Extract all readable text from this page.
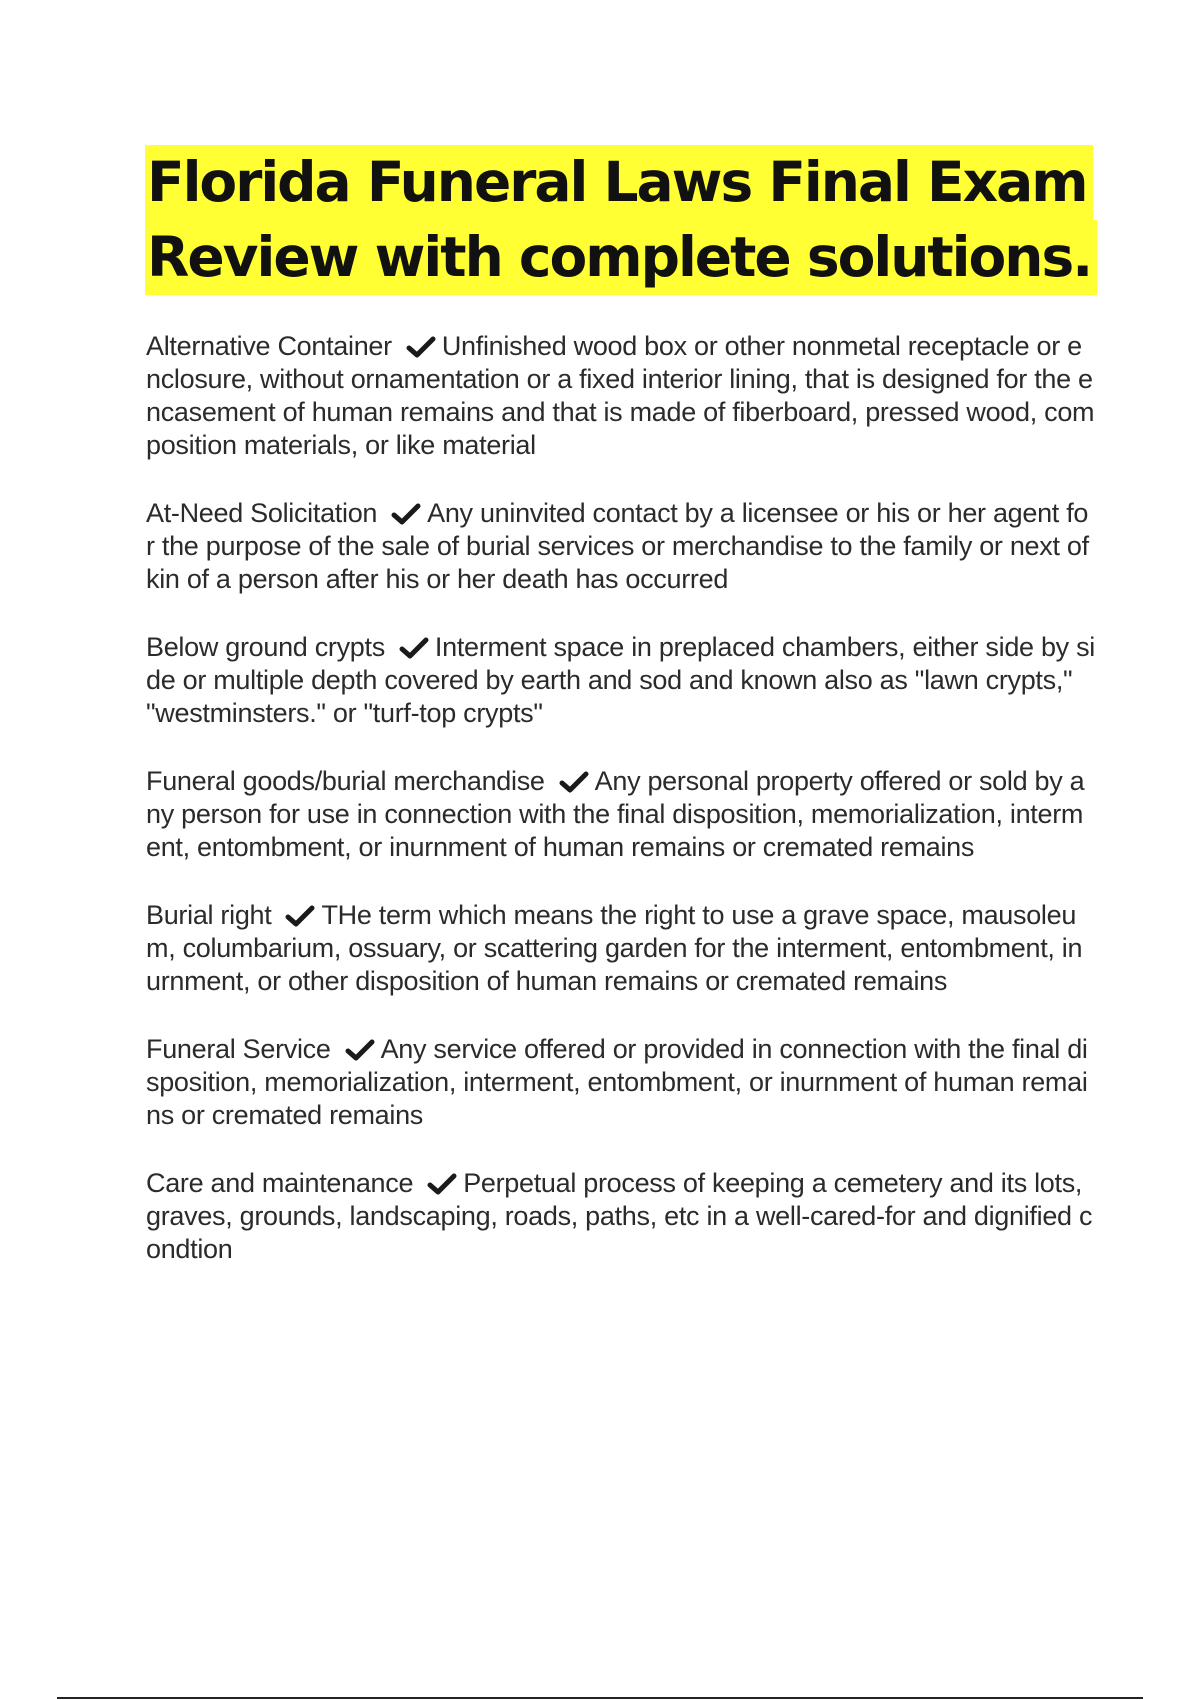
Florida Funeral Laws Final Exam
Review with complete solutions.

Alternative Container Unfinished wood box or other nonmetal receptacle or enclosure, without ornamentation or a fixed interior lining, that is designed for the encasement of human remains and that is made of fiberboard, pressed wood, composition materials, or like material

At-Need Solicitation Any uninvited contact by a licensee or his or her agent for the purpose of the sale of burial services or merchandise to the family or next of kin of a person after his or her death has occurred

Below ground crypts Interment space in preplaced chambers, either side by side or multiple depth covered by earth and sod and known also as "lawn crypts," "westminsters." or "turf-top crypts"

Funeral goods/burial merchandise Any personal property offered or sold by any person for use in connection with the final disposition, memorialization, interment, entombment, or inurnment of human remains or cremated remains

Burial right THe term which means the right to use a grave space, mausoleum, columbarium, ossuary, or scattering garden for the interment, entombment, inurnment, or other disposition of human remains or cremated remains

Funeral Service Any service offered or provided in connection with the final disposition, memorialization, interment, entombment, or inurnment of human remains or cremated remains

Care and maintenance Perpetual process of keeping a cemetery and its lots, graves, grounds, landscaping, roads, paths, etc in a well-cared-for and dignified condtion
